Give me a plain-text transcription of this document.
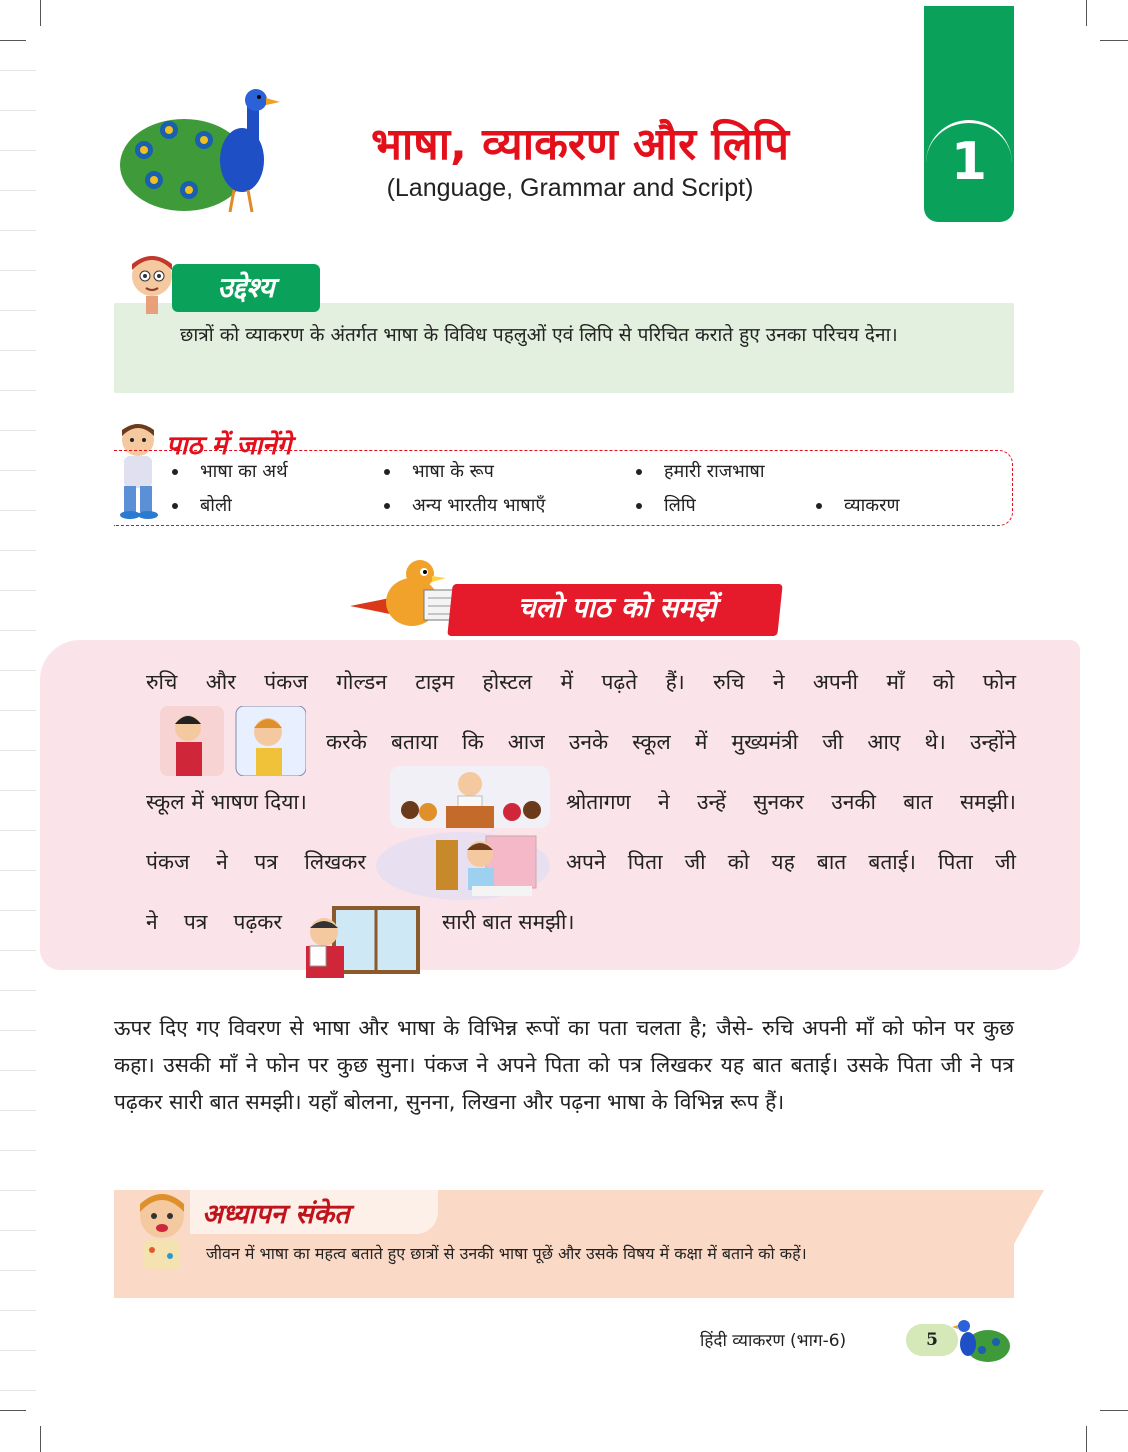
भाषा, व्याकरण और लिपि
(Language, Grammar and Script)	1
उद्देश्य
छात्रों को व्याकरण के अंतर्गत भाषा के विविध पहलुओं एवं लिपि से परिचित कराते हुए उनका परिचय देना।
पाठ में जानेंगे
भाषा का अर्थ	भाषा के रूप	हमारी राजभाषा
बोली	अन्य भारतीय भाषाएँ	लिपि	व्याकरण
चलो पाठ को समझें
रुचि और पंकज गोल्डन टाइम होस्टल में पढ़ते हैं। रुचि ने अपनी माँ को फोन
करके बताया कि आज उनके स्कूल में मुख्यमंत्री जी आए थे। उन्होंने
स्कूल में भाषण दिया।	श्रोतागण ने उन्हें सुनकर उनकी बात समझी।
पंकज ने पत्र लिखकर	अपने पिता जी को यह बात बताई। पिता जी
ने पत्र पढ़कर	सारी बात समझी।
ऊपर दिए गए विवरण से भाषा और भाषा के विभिन्न रूपों का पता चलता है; जैसे- रुचि अपनी माँ को फोन पर कुछ कहा। उसकी माँ ने फोन पर कुछ सुना। पंकज ने अपने पिता को पत्र लिखकर यह बात बताई। उसके पिता जी ने पत्र पढ़कर सारी बात समझी। यहाँ बोलना, सुनना, लिखना और पढ़ना भाषा के विभिन्न रूप हैं।
अध्यापन संकेत
जीवन में भाषा का महत्व बताते हुए छात्रों से उनकी भाषा पूछें और उसके विषय में कक्षा में बताने को कहें।
हिंदी व्याकरण (भाग-6)	5
